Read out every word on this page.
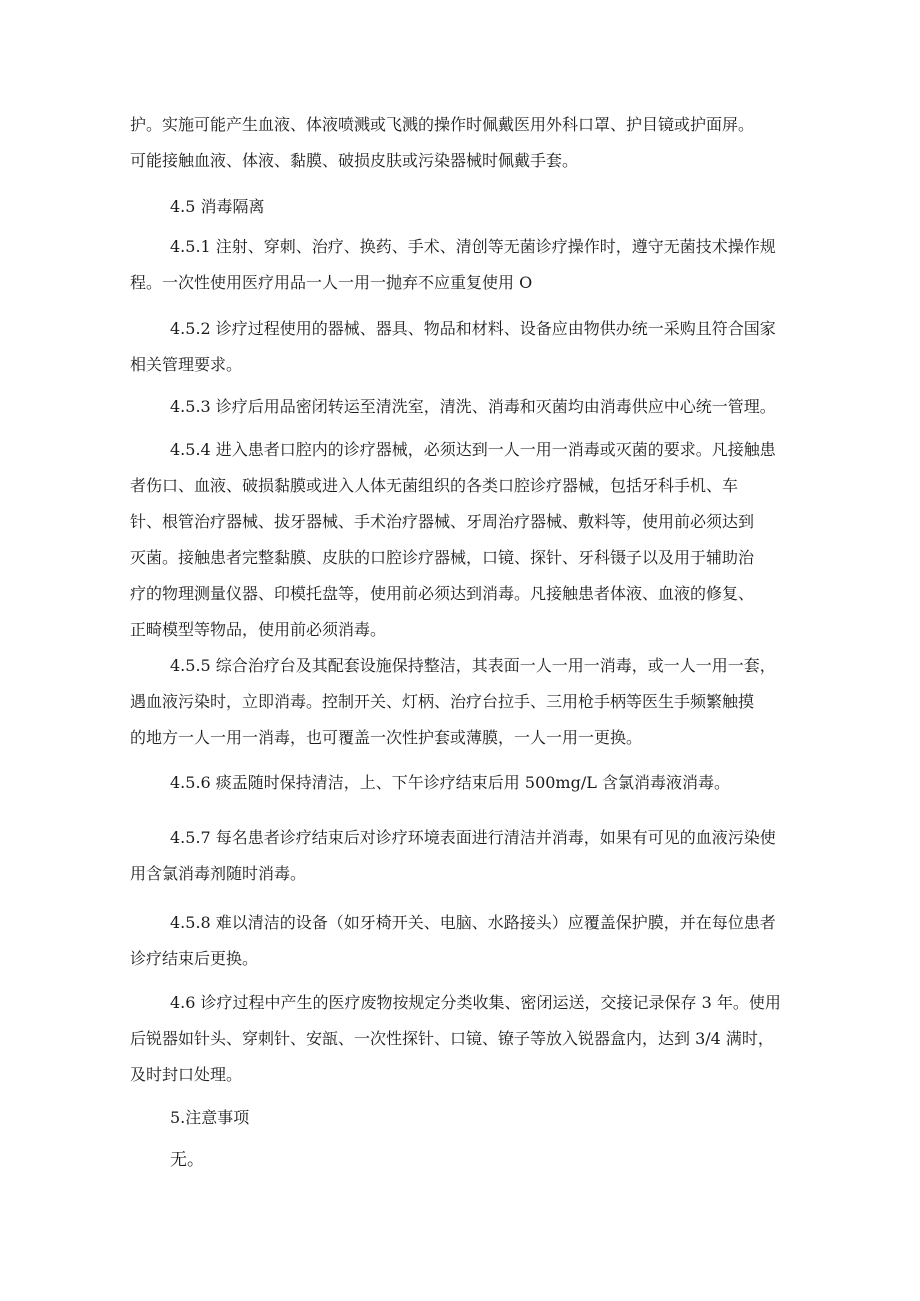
护。实施可能产生血液、体液喷溅或飞溅的操作时佩戴医用外科口罩、护目镜或护面屏。
可能接触血液、体液、黏膜、破损皮肤或污染器械时佩戴手套。
4.5 消毒隔离
4.5.1 注射、穿刺、治疗、换药、手术、清创等无菌诊疗操作时，遵守无菌技术操作规
程。一次性使用医疗用品一人一用一抛弃不应重复使用 O
4.5.2 诊疗过程使用的器械、器具、物品和材料、设备应由物供办统一采购且符合国家
相关管理要求。
4.5.3 诊疗后用品密闭转运至清洗室，清洗、消毒和灭菌均由消毒供应中心统一管理。
4.5.4 进入患者口腔内的诊疗器械，必须达到一人一用一消毒或灭菌的要求。凡接触患
者伤口、血液、破损黏膜或进入人体无菌组织的各类口腔诊疗器械，包括牙科手机、车
针、根管治疗器械、拔牙器械、手术治疗器械、牙周治疗器械、敷料等，使用前必须达到
灭菌。接触患者完整黏膜、皮肤的口腔诊疗器械，口镜、探针、牙科镊子以及用于辅助治
疗的物理测量仪器、印模托盘等，使用前必须达到消毒。凡接触患者体液、血液的修复、
正畸模型等物品，使用前必须消毒。
4.5.5 综合治疗台及其配套设施保持整洁，其表面一人一用一消毒，或一人一用一套，
遇血液污染时，立即消毒。控制开关、灯柄、治疗台拉手、三用枪手柄等医生手频繁触摸
的地方一人一用一消毒，也可覆盖一次性护套或薄膜，一人一用一更换。
4.5.6 痰盂随时保持清洁，上、下午诊疗结束后用 500mg/L 含氯消毒液消毒。
4.5.7 每名患者诊疗结束后对诊疗环境表面进行清洁并消毒，如果有可见的血液污染使
用含氯消毒剂随时消毒。
4.5.8 难以清洁的设备（如牙椅开关、电脑、水路接头）应覆盖保护膜，并在每位患者
诊疗结束后更换。
4.6 诊疗过程中产生的医疗废物按规定分类收集、密闭运送，交接记录保存 3 年。使用
后锐器如针头、穿刺针、安瓿、一次性探针、口镜、镣子等放入锐器盒内，达到 3/4 满时，
及时封口处理。
5.注意事项
无。
